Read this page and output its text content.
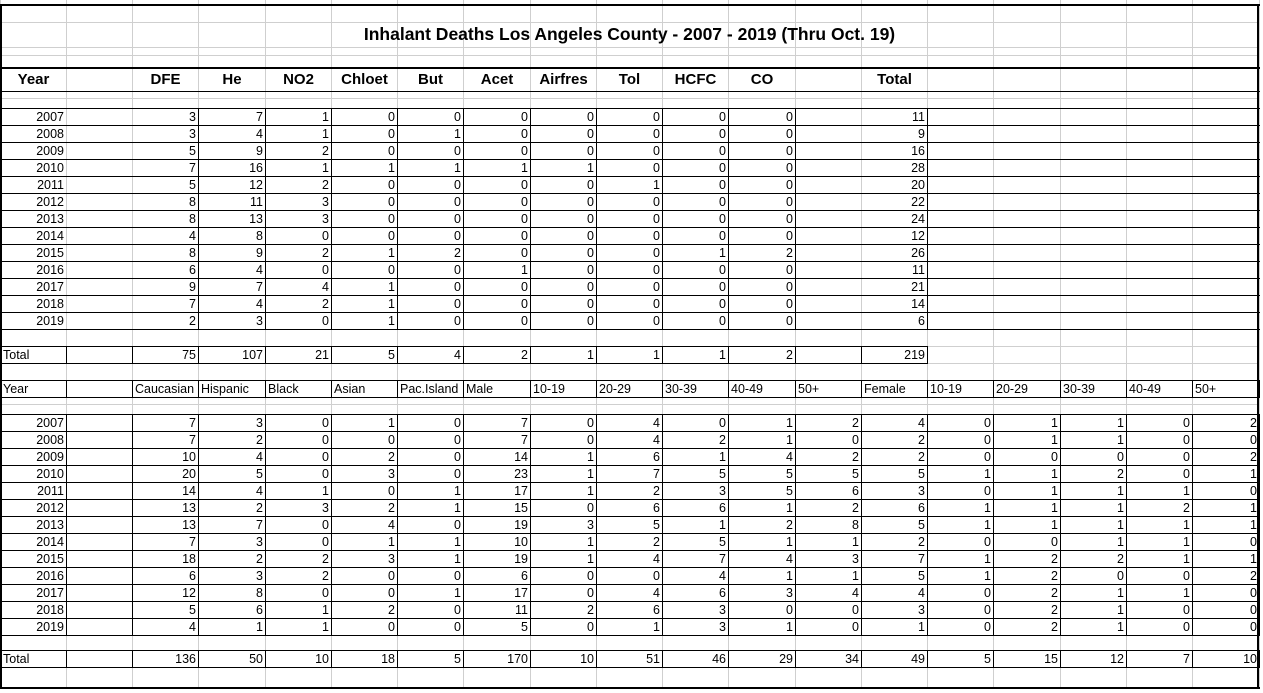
Inhalant Deaths Los Angeles County - 2007 - 2019 (Thru Oct. 19)
Year	DFE	He	NO2	Chloet	But	Acet	Airfres	Tol	HCFC	CO	Total
2007	3	7	1	0	0	0	0	0	0	0	11
2008	3	4	1	0	1	0	0	0	0	0	9
2009	5	9	2	0	0	0	0	0	0	0	16
2010	7	16	1	1	1	1	1	0	0	0	28
2011	5	12	2	0	0	0	0	1	0	0	20
2012	8	11	3	0	0	0	0	0	0	0	22
2013	8	13	3	0	0	0	0	0	0	0	24
2014	4	8	0	0	0	0	0	0	0	0	12
2015	8	9	2	1	2	0	0	0	1	2	26
2016	6	4	0	0	0	1	0	0	0	0	11
2017	9	7	4	1	0	0	0	0	0	0	21
2018	7	4	2	1	0	0	0	0	0	0	14
2019	2	3	0	1	0	0	0	0	0	0	6
Total	75	107	21	5	4	2	1	1	1	2	219
Year	Caucasian Hispanic	Black	Asian	Pac.Island Male	10-19	20-29	30-39	40-49	50+	Female	10-19	20-29	30-39	40-49	50+
2007	7	3	0	1	0	7	0	4	0	1	2	4	0	1	1	0	2
2008	7	2	0	0	0	7	0	4	2	1	0	2	0	1	1	0	0
2009	10	4	0	2	0	14	1	6	1	4	2	2	0	0	0	0	2
2010	20	5	0	3	0	23	1	7	5	5	5	5	1	1	2	0	1
2011	14	4	1	0	1	17	1	2	3	5	6	3	0	1	1	1	0
2012	13	2	3	2	1	15	0	6	6	1	2	6	1	1	1	2	1
2013	13	7	0	4	0	19	3	5	1	2	8	5	1	1	1	1	1
2014	7	3	0	1	1	10	1	2	5	1	1	2	0	0	1	1	0
2015	18	2	2	3	1	19	1	4	7	4	3	7	1	2	2	1	1
2016	6	3	2	0	0	6	0	0	4	1	1	5	1	2	0	0	2
2017	12	8	0	0	1	17	0	4	6	3	4	4	0	2	1	1	0
2018	5	6	1	2	0	11	2	6	3	0	0	3	0	2	1	0	0
2019	4	1	1	0	0	5	0	1	3	1	0	1	0	2	1	0	0
Total	136	50	10	18	5	170	10	51	46	29	34	49	5	15	12	7	10
